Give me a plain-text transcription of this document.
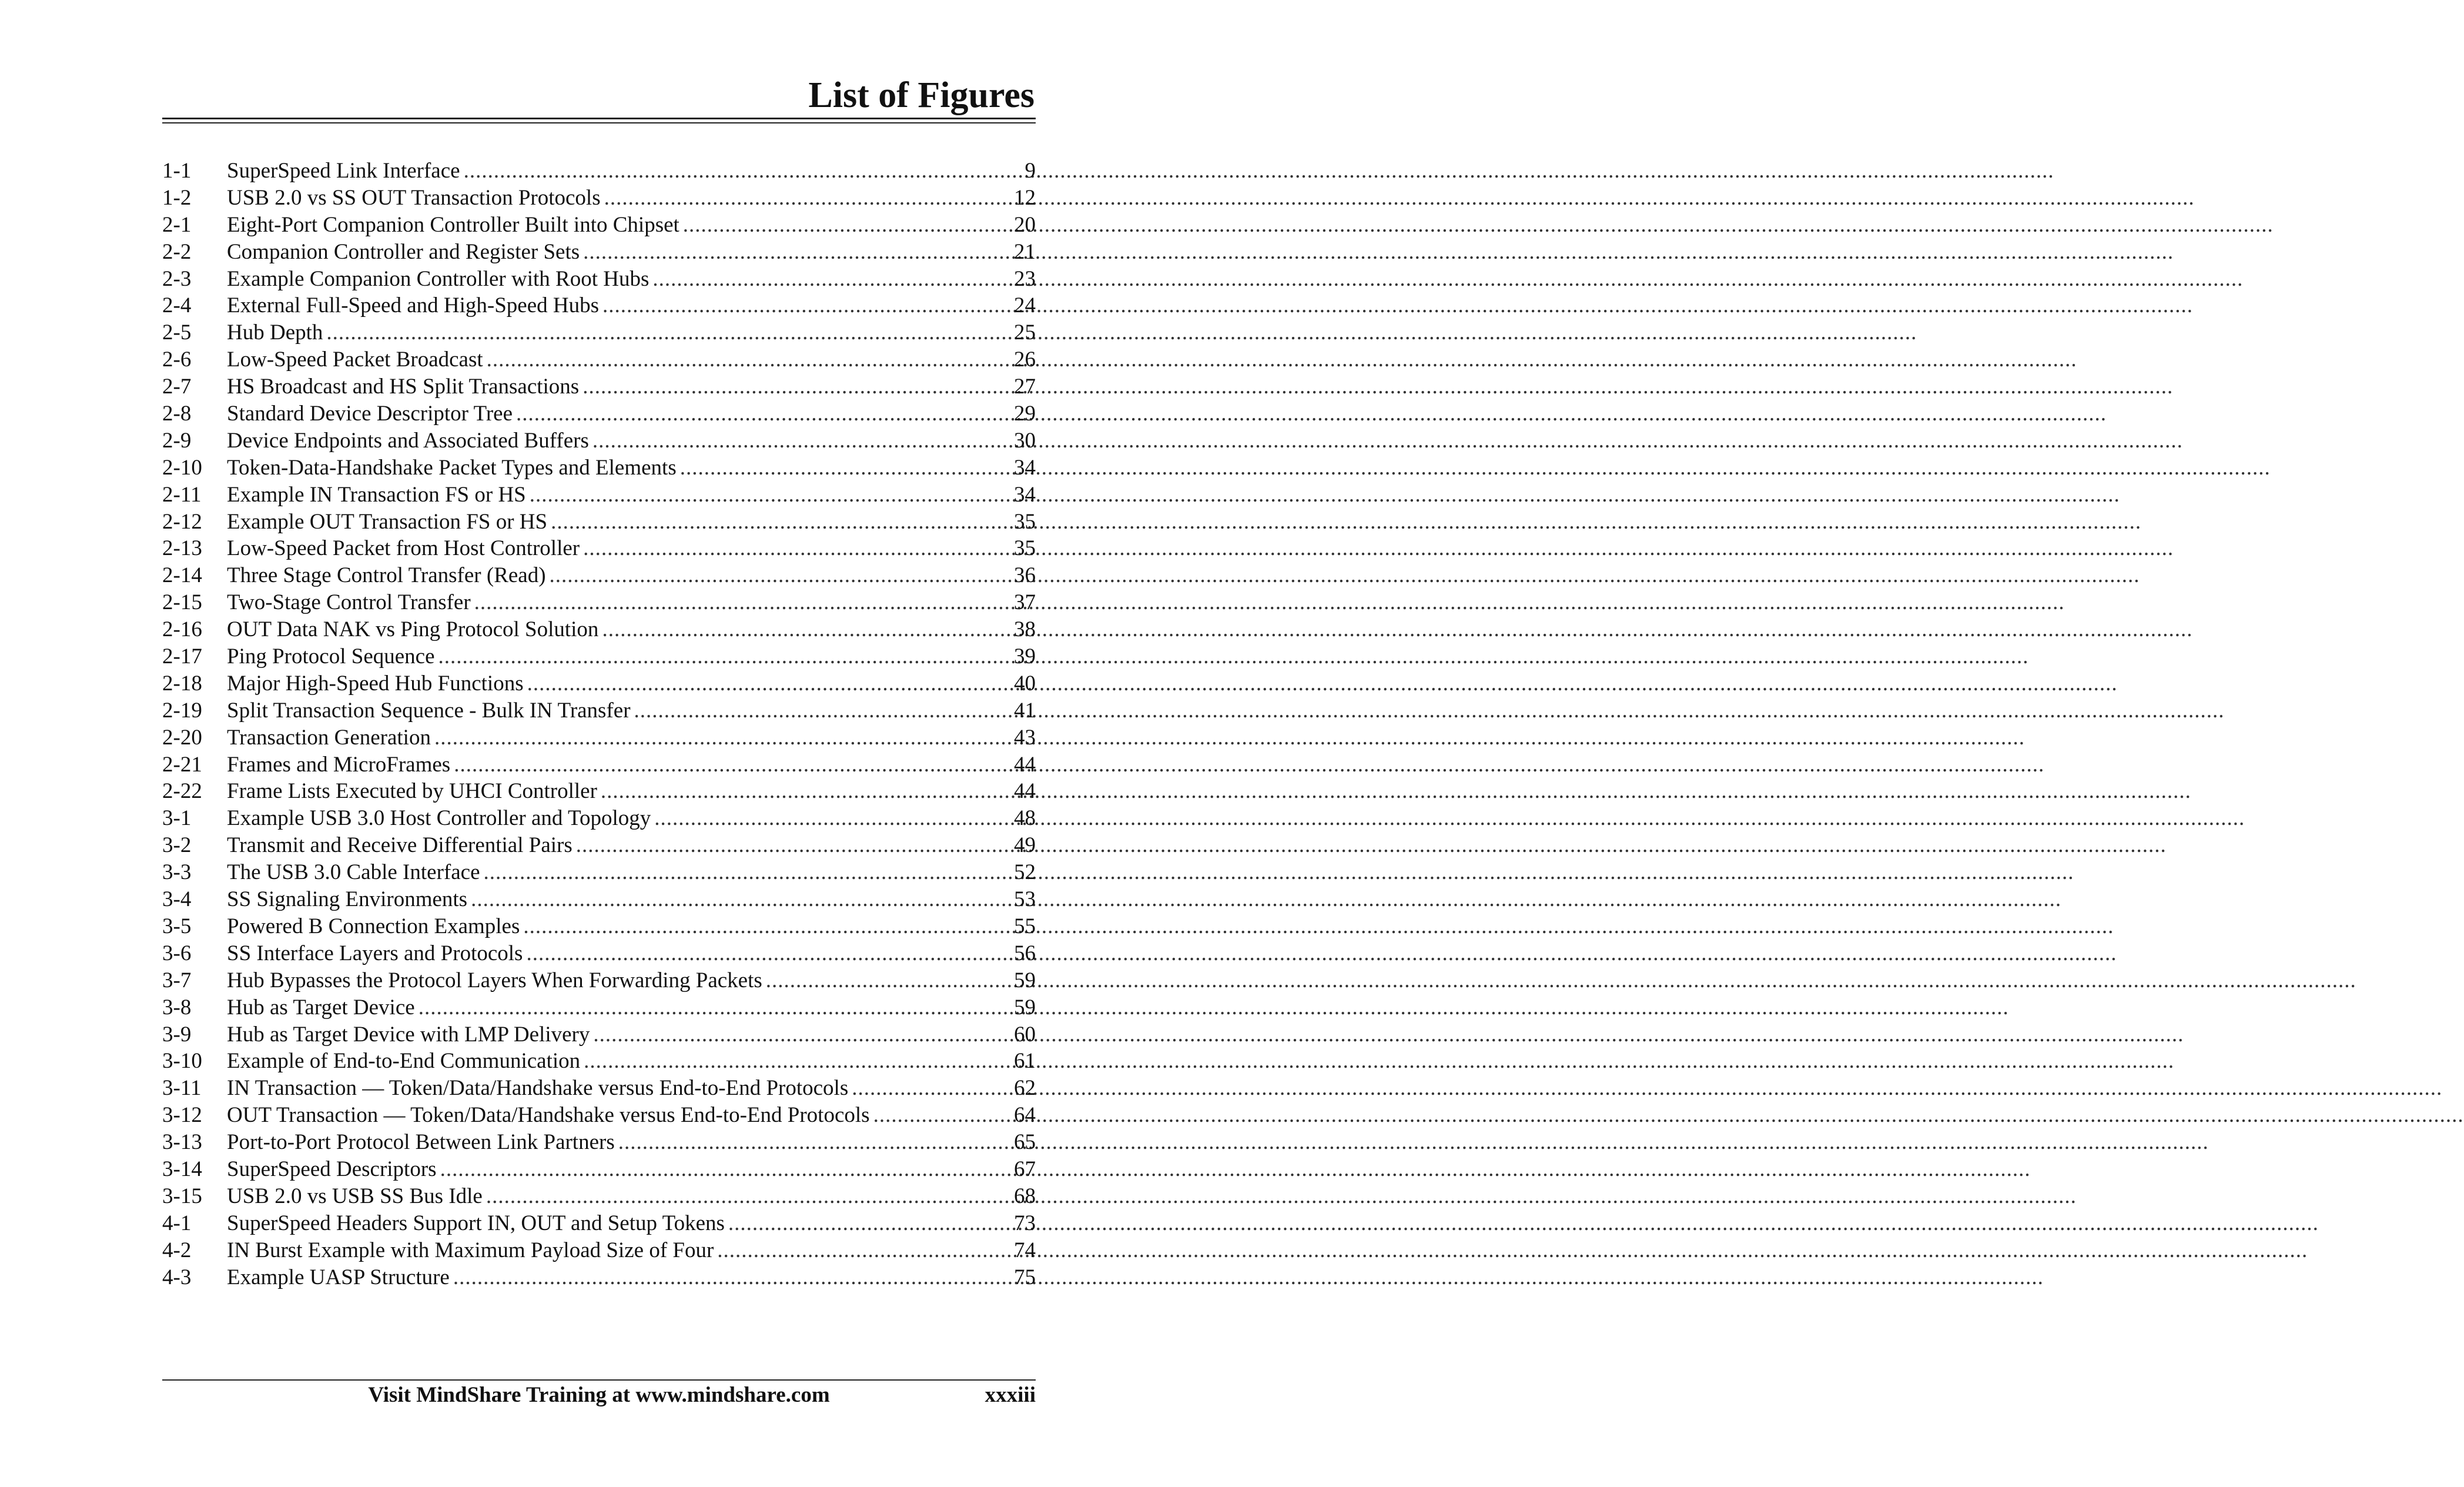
List of Figures
1-1	SuperSpeed Link Interface .....	9
1-2	USB 2.0 vs SS OUT Transaction Protocols .....	12
2-1	Eight-Port Companion Controller Built into Chipset .....	20
2-2	Companion Controller and Register Sets .....	21
2-3	Example Companion Controller with Root Hubs .....	23
2-4	External Full-Speed and High-Speed Hubs .....	24
2-5	Hub Depth .....	25
2-6	Low-Speed Packet Broadcast .....	26
2-7	HS Broadcast and HS Split Transactions .....	27
2-8	Standard Device Descriptor Tree .....	29
2-9	Device Endpoints and Associated Buffers .....	30
2-10	Token-Data-Handshake Packet Types and Elements .....	34
2-11	Example IN Transaction FS or HS .....	34
2-12	Example OUT Transaction FS or HS .....	35
2-13	Low-Speed Packet from Host Controller .....	35
2-14	Three Stage Control Transfer (Read) .....	36
2-15	Two-Stage Control Transfer .....	37
2-16	OUT Data NAK vs Ping Protocol Solution .....	38
2-17	Ping Protocol Sequence .....	39
2-18	Major High-Speed Hub Functions .....	40
2-19	Split Transaction Sequence - Bulk IN Transfer .....	41
2-20	Transaction Generation .....	43
2-21	Frames and MicroFrames .....	44
2-22	Frame Lists Executed by UHCI Controller .....	44
3-1	Example USB 3.0 Host Controller and Topology .....	48
3-2	Transmit and Receive Differential Pairs .....	49
3-3	The USB 3.0 Cable Interface .....	52
3-4	SS Signaling Environments .....	53
3-5	Powered B Connection Examples .....	55
3-6	SS Interface Layers and Protocols .....	56
3-7	Hub Bypasses the Protocol Layers When Forwarding Packets .....	59
3-8	Hub as Target Device .....	59
3-9	Hub as Target Device with LMP Delivery .....	60
3-10	Example of End-to-End Communication .....	61
3-11	IN Transaction — Token/Data/Handshake versus End-to-End Protocols .....	62
3-12	OUT Transaction — Token/Data/Handshake versus End-to-End Protocols .....	64
3-13	Port-to-Port Protocol Between Link Partners .....	65
3-14	SuperSpeed Descriptors .....	67
3-15	USB 2.0 vs USB SS Bus Idle .....	68
4-1	SuperSpeed Headers Support IN, OUT and Setup Tokens .....	73
4-2	IN Burst Example with Maximum Payload Size of Four .....	74
4-3	Example UASP Structure .....	75
Visit MindShare Training at www.mindshare.com	xxxiii
